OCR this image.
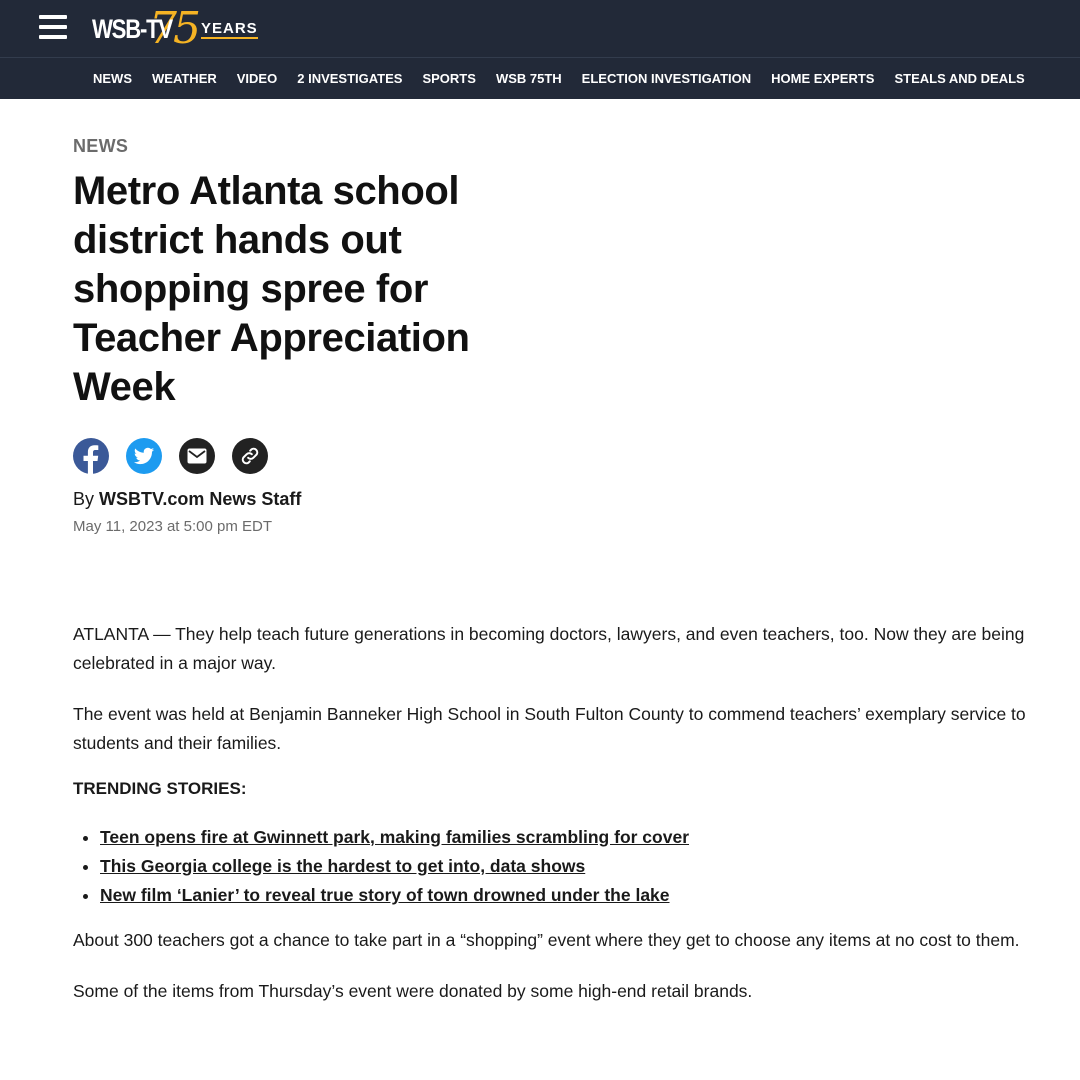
WSB-TV
75 YEARS
NEWS	WEATHER	VIDEO	2 INVESTIGATES	SPORTS	WSB 75TH	ELECTION INVESTIGATION	HOME EXPERTS	STEALS AND DEALS
NEWS
Metro Atlanta school district hands out shopping spree for Teacher Appreciation Week
By WSBTV.com News Staff
May 11, 2023 at 5:00 pm EDT

ATLANTA — They help teach future generations in becoming doctors, lawyers, and even teachers, too. Now they are being celebrated in a major way.

The event was held at Benjamin Banneker High School in South Fulton County to commend teachers’ exemplary service to students and their families.

TRENDING STORIES:
• Teen opens fire at Gwinnett park, making families scrambling for cover
• This Georgia college is the hardest to get into, data shows
• New film ‘Lanier’ to reveal true story of town drowned under the lake

About 300 teachers got a chance to take part in a “shopping” event where they get to choose any items at no cost to them.

Some of the items from Thursday’s event were donated by some high-end retail brands.
